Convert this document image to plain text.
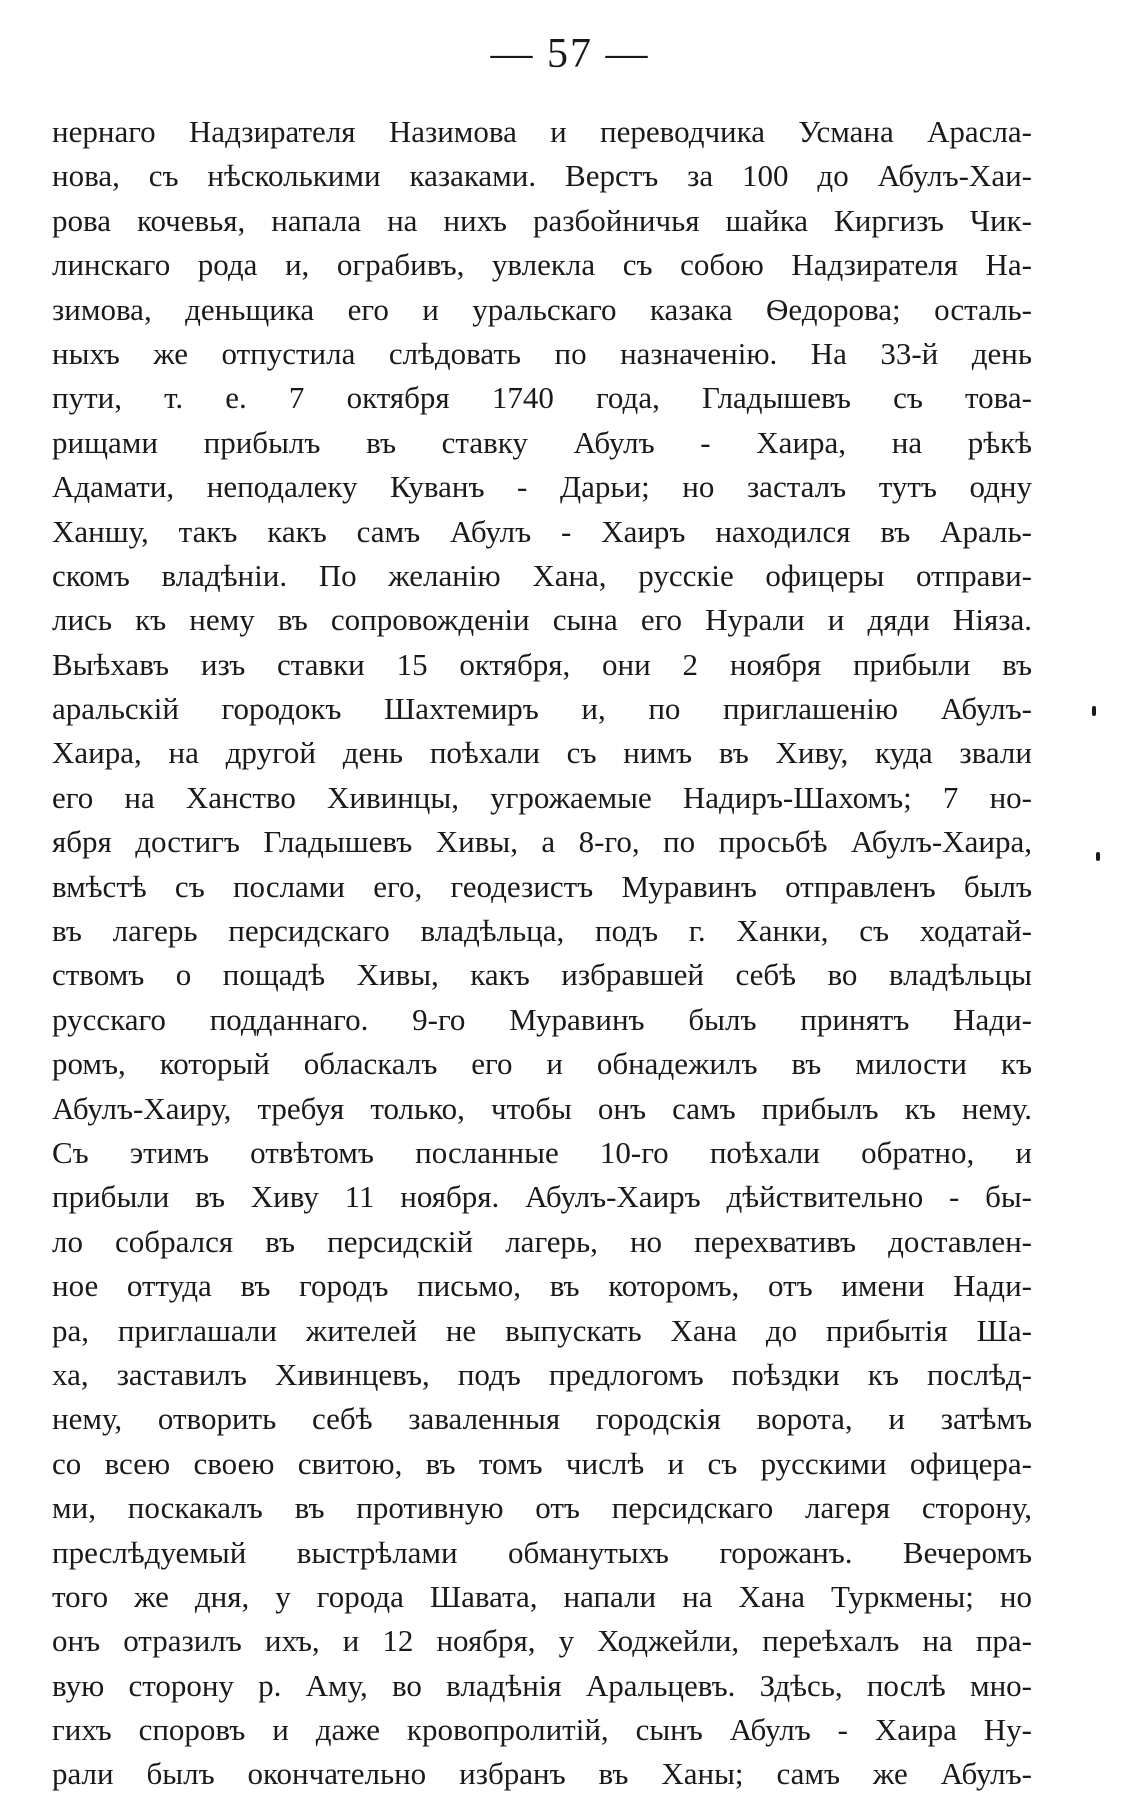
— 57 —
нернаго Надзирателя Назимова и переводчика Усмана Арасла-
нова, съ нѣсколькими казаками. Верстъ за 100 до Абулъ-Хаи-
рова кочевья, напала на нихъ разбойничья шайка Киргизъ Чик-
линскаго рода и, ограбивъ, увлекла съ собою Надзирателя На-
зимова, деньщика его и уральскаго казака Ѳедорова; осталь-
ныхъ же отпустила слѣдовать по назначенію. На 33-й день
пути, т. е. 7 октября 1740 года, Гладышевъ съ това-
рищами прибылъ въ ставку Абулъ - Хаира, на рѣкѣ
Адамати, неподалеку Куванъ - Дарьи; но засталъ тутъ одну
Ханшу, такъ какъ самъ Абулъ - Хаиръ находился въ Араль-
скомъ владѣніи. По желанію Хана, русскіе офицеры отправи-
лись къ нему въ сопровожденіи сына его Нурали и дяди Ніяза.
Выѣхавъ изъ ставки 15 октября, они 2 ноября прибыли въ
аральскій городокъ Шахтемиръ и, по приглашенію Абулъ-
Хаира, на другой день поѣхали съ нимъ въ Хиву, куда звали
его на Ханство Хивинцы, угрожаемые Надиръ-Шахомъ; 7 но-
ября достигъ Гладышевъ Хивы, а 8-го, по просьбѣ Абулъ-Хаира,
вмѣстѣ съ послами его, геодезистъ Муравинъ отправленъ былъ
въ лагерь персидскаго владѣльца, подъ г. Ханки, съ ходатай-
ствомъ о пощадѣ Хивы, какъ избравшей себѣ во владѣльцы
русскаго подданнаго. 9-го Муравинъ былъ принятъ Нади-
ромъ, который обласкалъ его и обнадежилъ въ милости къ
Абулъ-Хаиру, требуя только, чтобы онъ самъ прибылъ къ нему.
Съ этимъ отвѣтомъ посланные 10-го поѣхали обратно, и
прибыли въ Хиву 11 ноября. Абулъ-Хаиръ дѣйствительно - бы-
ло собрался въ персидскій лагерь, но перехвативъ доставлен-
ное оттуда въ городъ письмо, въ которомъ, отъ имени Нади-
ра, приглашали жителей не выпускать Хана до прибытія Ша-
ха, заставилъ Хивинцевъ, подъ предлогомъ поѣздки къ послѣд-
нему, отворить себѣ заваленныя городскія ворота, и затѣмъ
со всею своею свитою, въ томъ числѣ и съ русскими офицера-
ми, поскакалъ въ противную отъ персидскаго лагеря сторону,
преслѣдуемый выстрѣлами обманутыхъ горожанъ. Вечеромъ
того же дня, у города Шавата, напали на Хана Туркмены; но
онъ отразилъ ихъ, и 12 ноября, у Ходжейли, переѣхалъ на пра-
вую сторону р. Аму, во владѣнія Аральцевъ. Здѣсь, послѣ мно-
гихъ споровъ и даже кровопролитій, сынъ Абулъ - Хаира Ну-
рали былъ окончательно избранъ въ Ханы; самъ же Абулъ-
